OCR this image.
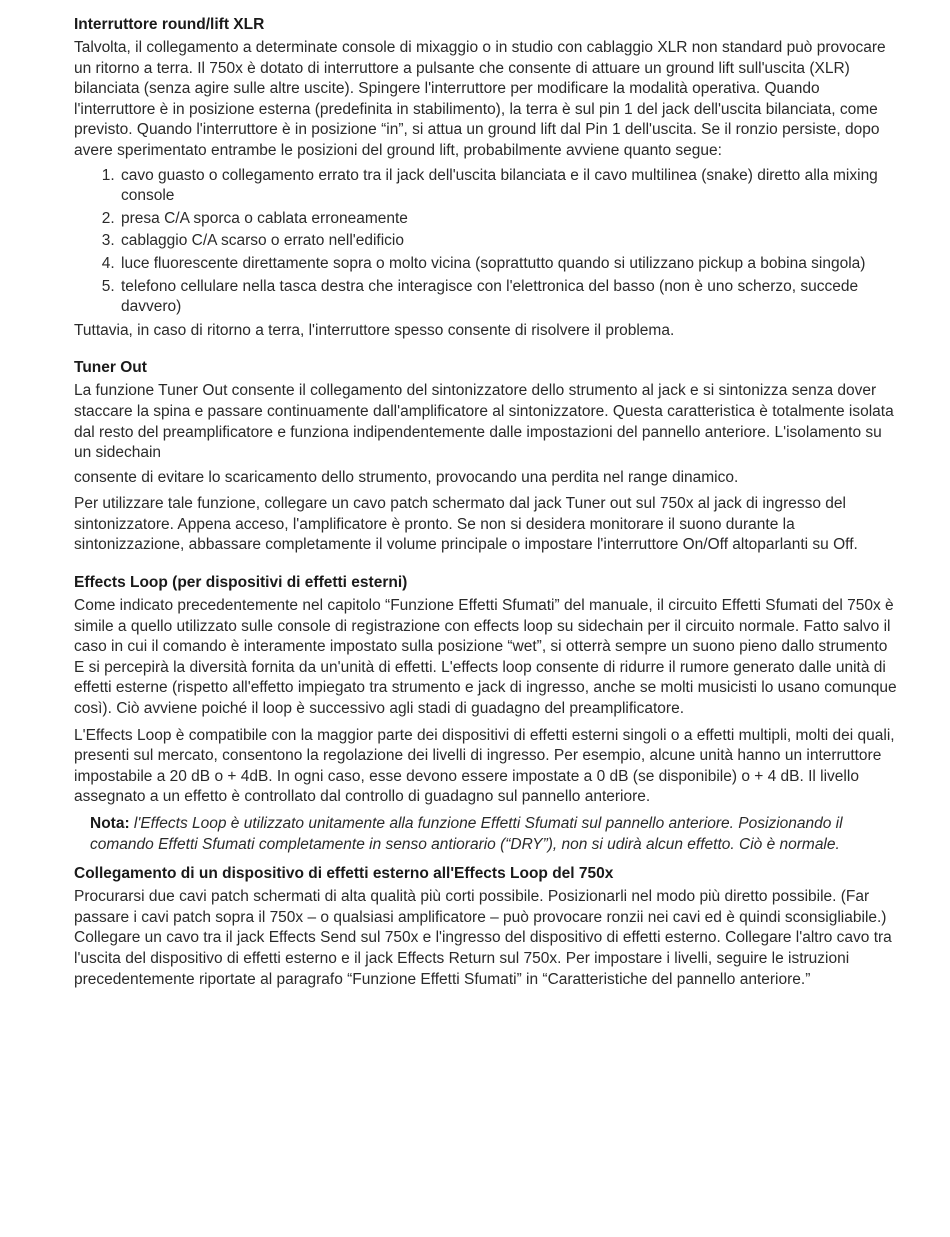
Interruttore round/lift XLR

Talvolta, il collegamento a determinate console di mixaggio o in studio con cablaggio XLR non standard può provocare un ritorno a terra. Il 750x è dotato di interruttore a pulsante che consente di attuare un ground lift sull'uscita (XLR) bilanciata (senza agire sulle altre uscite). Spingere l'interruttore per modificare la modalità operativa. Quando l'interruttore è in posizione esterna (predefinita in stabilimento), la terra è sul pin 1 del jack dell'uscita bilanciata, come previsto. Quando l'interruttore è in posizione “in”, si attua un ground lift dal Pin 1 dell'uscita. Se il ronzio persiste, dopo avere sperimentato entrambe le posizioni del ground lift, probabilmente avviene quanto segue:

1. cavo guasto o collegamento errato tra il jack dell'uscita bilanciata e il cavo multilinea (snake) diretto alla mixing console
2. presa C/A sporca o cablata erroneamente
3. cablaggio C/A scarso o errato nell'edificio
4. luce fluorescente direttamente sopra o molto vicina (soprattutto quando si utilizzano pickup a bobina singola)
5. telefono cellulare nella tasca destra che interagisce con l'elettronica del basso (non è uno scherzo, succede davvero)

Tuttavia, in caso di ritorno a terra, l'interruttore spesso consente di risolvere il problema.

Tuner Out

La funzione Tuner Out consente il collegamento del sintonizzatore dello strumento al jack e si sintonizza senza dover staccare la spina e passare continuamente dall'amplificatore al sintonizzatore. Questa caratteristica è totalmente isolata dal resto del preamplificatore e funziona indipendentemente dalle impostazioni del pannello anteriore. L'isolamento su un sidechain

consente di evitare lo scaricamento dello strumento, provocando una perdita nel range dinamico.

Per utilizzare tale funzione, collegare un cavo patch schermato dal jack Tuner out sul 750x al jack di ingresso del sintonizzatore. Appena acceso, l'amplificatore è pronto. Se non si desidera monitorare il suono durante la sintonizzazione, abbassare completamente il volume principale o impostare l'interruttore On/Off altoparlanti su Off.

Effects Loop (per dispositivi di effetti esterni)

Come indicato precedentemente nel capitolo “Funzione Effetti Sfumati” del manuale, il circuito Effetti Sfumati del 750x è simile a quello utilizzato sulle console di registrazione con effects loop su sidechain per il circuito normale. Fatto salvo il caso in cui il comando è interamente impostato sulla posizione “wet”, si otterrà sempre un suono pieno dallo strumento E si percepirà la diversità fornita da un'unità di effetti. L'effects loop consente di ridurre il rumore generato dalle unità di effetti esterne (rispetto all'effetto impiegato tra strumento e jack di ingresso, anche se molti musicisti lo usano comunque così). Ciò avviene poiché il loop è successivo agli stadi di guadagno del preamplificatore.

L'Effects Loop è compatibile con la maggior parte dei dispositivi di effetti esterni singoli o a effetti multipli, molti dei quali, presenti sul mercato, consentono la regolazione dei livelli di ingresso. Per esempio, alcune unità hanno un interruttore impostabile a 20 dB o + 4dB. In ogni caso, esse devono essere impostate a 0 dB (se disponibile) o + 4 dB. Il livello assegnato a un effetto è controllato dal controllo di guadagno sul pannello anteriore.

Nota: l'Effects Loop è utilizzato unitamente alla funzione Effetti Sfumati sul pannello anteriore. Posizionando il comando Effetti Sfumati completamente in senso antiorario (“DRY”), non si udirà alcun effetto. Ciò è normale.
Collegamento di un dispositivo di effetti esterno all'Effects Loop del 750x

Procurarsi due cavi patch schermati di alta qualità più corti possibile. Posizionarli nel modo più diretto possibile. (Far passare i cavi patch sopra il 750x – o qualsiasi amplificatore – può provocare ronzii nei cavi ed è quindi sconsigliabile.) Collegare un cavo tra il jack Effects Send sul 750x e l'ingresso del dispositivo di effetti esterno. Collegare l'altro cavo tra l'uscita del dispositivo di effetti esterno e il jack Effects Return sul 750x. Per impostare i livelli, seguire le istruzioni precedentemente riportate al paragrafo “Funzione Effetti Sfumati” in “Caratteristiche del pannello anteriore.”
